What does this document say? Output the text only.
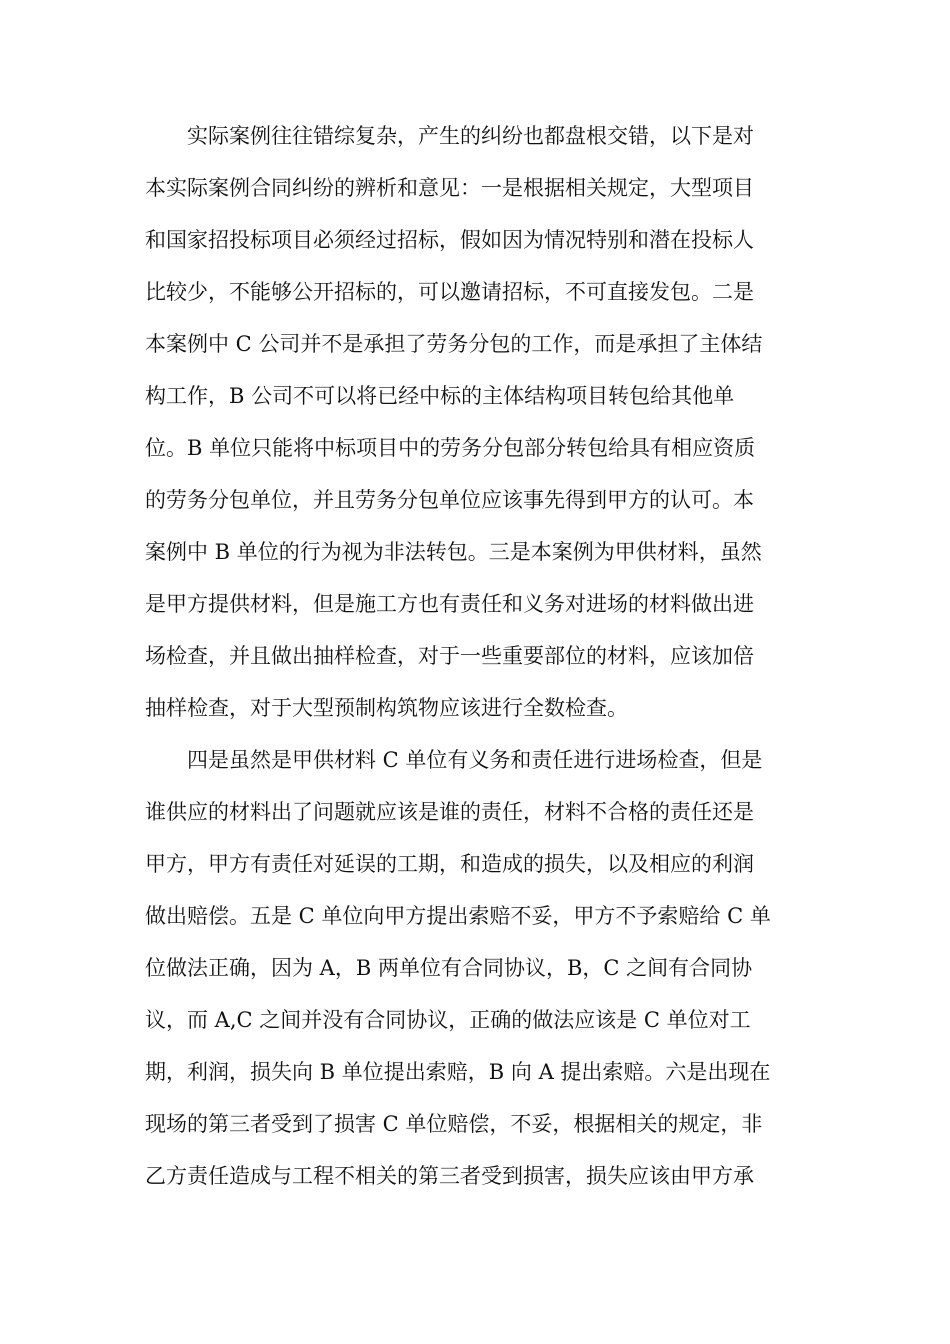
实际案例往往错综复杂，产生的纠纷也都盘根交错，以下是对
本实际案例合同纠纷的辨析和意见：一是根据相关规定，大型项目
和国家招投标项目必须经过招标，假如因为情况特别和潜在投标人
比较少，不能够公开招标的，可以邀请招标，不可直接发包。二是
本案例中 C 公司并不是承担了劳务分包的工作，而是承担了主体结
构工作，B 公司不可以将已经中标的主体结构项目转包给其他单
位。B 单位只能将中标项目中的劳务分包部分转包给具有相应资质
的劳务分包单位，并且劳务分包单位应该事先得到甲方的认可。本
案例中 B 单位的行为视为非法转包。三是本案例为甲供材料，虽然
是甲方提供材料，但是施工方也有责任和义务对进场的材料做出进
场检查，并且做出抽样检查，对于一些重要部位的材料，应该加倍
抽样检查，对于大型预制构筑物应该进行全数检查。
四是虽然是甲供材料 C 单位有义务和责任进行进场检查，但是
谁供应的材料出了问题就应该是谁的责任，材料不合格的责任还是
甲方，甲方有责任对延误的工期，和造成的损失，以及相应的利润
做出赔偿。五是 C 单位向甲方提出索赔不妥，甲方不予索赔给 C 单
位做法正确，因为 A，B 两单位有合同协议，B，C 之间有合同协
议，而 A,C 之间并没有合同协议，正确的做法应该是 C 单位对工
期，利润，损失向 B 单位提出索赔，B 向 A 提出索赔。六是出现在
现场的第三者受到了损害 C 单位赔偿，不妥，根据相关的规定，非
乙方责任造成与工程不相关的第三者受到损害，损失应该由甲方承
